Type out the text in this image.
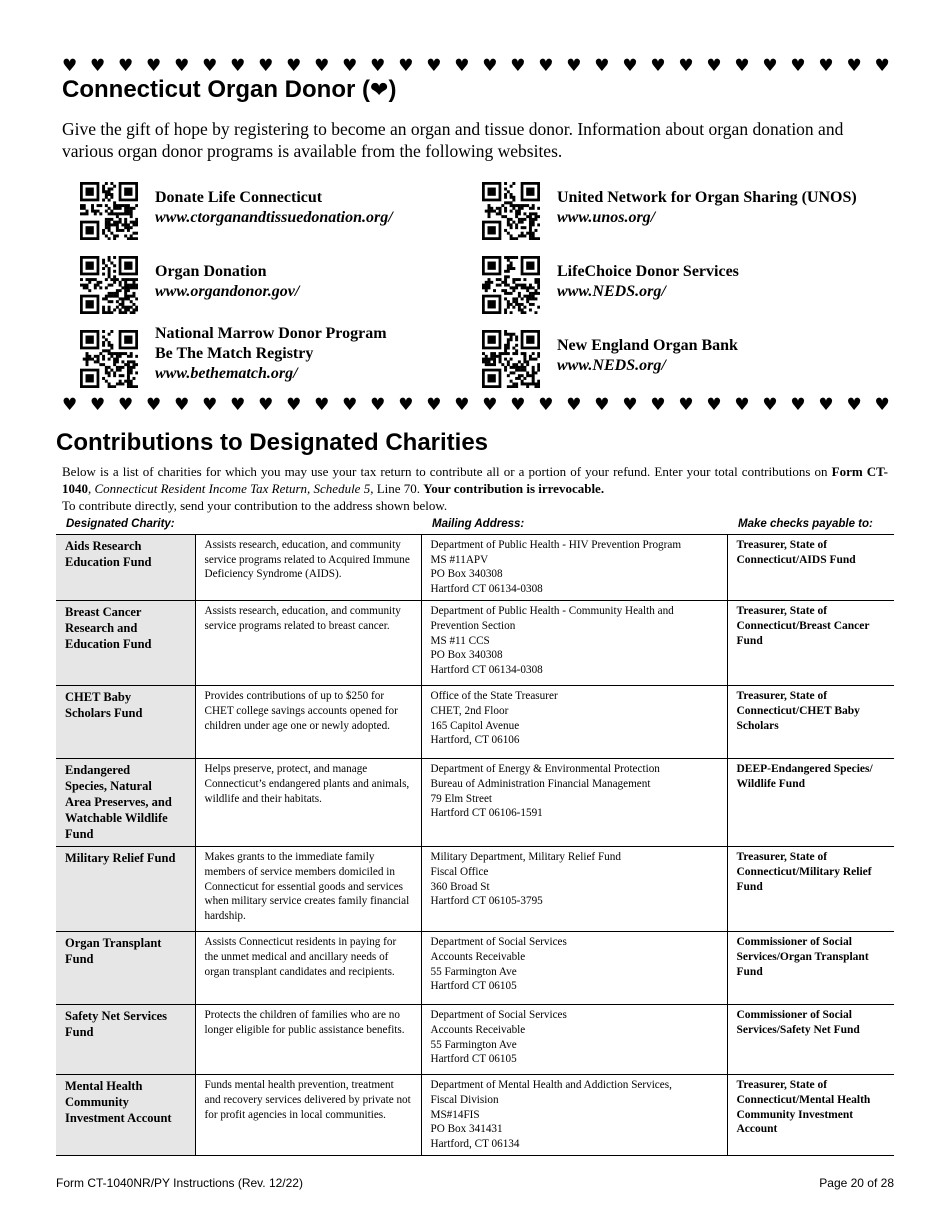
♥ ♥ ♥ ♥ ♥ ♥ ♥ ♥ ♥ ♥ ♥ ♥ ♥ ♥ ♥ ♥ ♥ ♥ ♥ ♥ ♥ ♥ ♥ ♥ ♥ ♥ ♥ ♥ ♥ ♥
Connecticut Organ Donor (❤)

Give the gift of hope by registering to become an organ and tissue donor. Information about organ donation and various organ donor programs is available from the following websites.

Donate Life Connecticut
www.ctorganandtissuedonation.org/
Organ Donation
www.organdonor.gov/
National Marrow Donor Program
Be The Match Registry
www.bethematch.org/
United Network for Organ Sharing (UNOS)
www.unos.org/
LifeChoice Donor Services
www.NEDS.org/
New England Organ Bank
www.NEDS.org/
♥ ♥ ♥ ♥ ♥ ♥ ♥ ♥ ♥ ♥ ♥ ♥ ♥ ♥ ♥ ♥ ♥ ♥ ♥ ♥ ♥ ♥ ♥ ♥ ♥ ♥ ♥ ♥ ♥ ♥
Contributions to Designated Charities

Below is a list of charities for which you may use your tax return to contribute all or a portion of your refund. Enter your total contributions on Form CT-1040, Connecticut Resident Income Tax Return, Schedule 5, Line 70. Your contribution is irrevocable.

To contribute directly, send your contribution to the address shown below.

Designated Charity:	Mailing Address:	Make checks payable to:
Aids Research
Education Fund	Assists research, education, and community service programs related to Acquired Immune Deficiency Syndrome (AIDS).	Department of Public Health - HIV Prevention Program
MS #11APV
PO Box 340308
Hartford CT 06134-0308	Treasurer, State of
Connecticut/AIDS Fund
Breast Cancer
Research and
Education Fund	Assists research, education, and community service programs related to breast cancer.	Department of Public Health - Community Health and
Prevention Section
MS #11 CCS
PO Box 340308
Hartford CT 06134-0308	Treasurer, State of
Connecticut/Breast Cancer
Fund
CHET Baby
Scholars Fund	Provides contributions of up to $250 for CHET college savings accounts opened for children under age one or newly adopted.	Office of the State Treasurer
CHET, 2nd Floor
165 Capitol Avenue
Hartford, CT 06106	Treasurer, State of
Connecticut/CHET Baby
Scholars
Endangered
Species, Natural
Area Preserves, and
Watchable Wildlife
Fund	Helps preserve, protect, and manage Connecticut’s endangered plants and animals, wildlife and their habitats.	Department of Energy & Environmental Protection
Bureau of Administration Financial Management
79 Elm Street
Hartford CT 06106-1591	DEEP-Endangered Species/
Wildlife Fund
Military Relief Fund	Makes grants to the immediate family members of service members domiciled in Connecticut for essential goods and services when military service creates family financial hardship.	Military Department, Military Relief Fund
Fiscal Office
360 Broad St
Hartford CT 06105-3795	Treasurer, State of
Connecticut/Military Relief
Fund
Organ Transplant
Fund	Assists Connecticut residents in paying for the unmet medical and ancillary needs of organ transplant candidates and recipients.	Department of Social Services
Accounts Receivable
55 Farmington Ave
Hartford CT 06105	Commissioner of Social
Services/Organ Transplant
Fund
Safety Net Services
Fund	Protects the children of families who are no longer eligible for public assistance benefits.	Department of Social Services
Accounts Receivable
55 Farmington Ave
Hartford CT 06105	Commissioner of Social
Services/Safety Net Fund
Mental Health
Community
Investment Account	Funds mental health prevention, treatment and recovery services delivered by private not for profit agencies in local communities.	Department of Mental Health and Addiction Services,
Fiscal Division
MS#14FIS
PO Box 341431
Hartford, CT 06134	Treasurer, State of
Connecticut/Mental Health
Community Investment
Account
Form CT-1040NR/PY Instructions (Rev. 12/22)	Page 20 of 28
